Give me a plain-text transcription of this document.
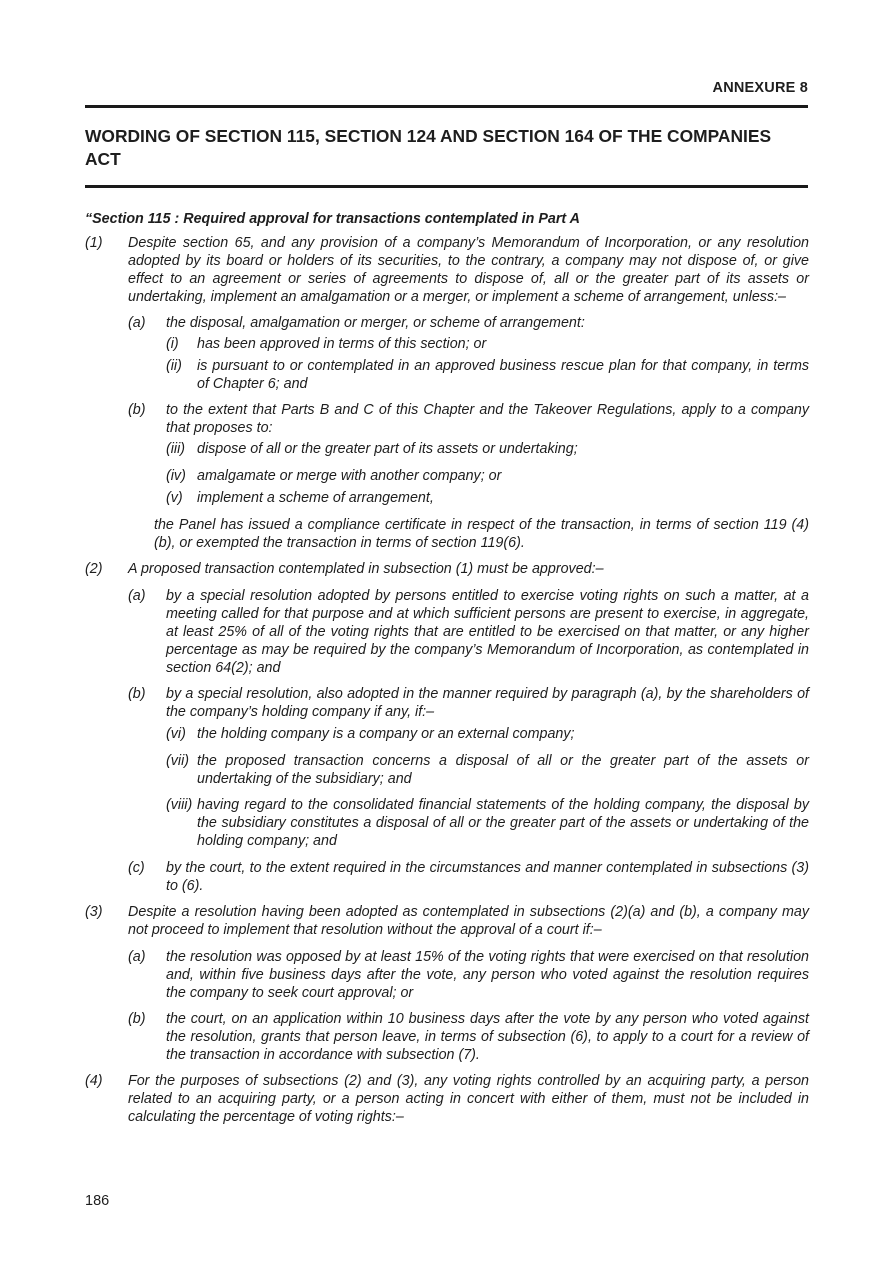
ANNEXURE 8
WORDING OF SECTION 115, SECTION 124 AND SECTION 164 OF THE COMPANIES ACT
“Section 115 : Required approval for transactions contemplated in Part A
(1)	Despite section 65, and any provision of a company’s Memorandum of Incorporation, or any resolution adopted by its board or holders of its securities, to the contrary, a company may not dispose of, or give effect to an agreement or series of agreements to dispose of, all or the greater part of its assets or undertaking, implement an amalgamation or a merger, or implement a scheme of arrangement, unless:–
(a)	the disposal, amalgamation or merger, or scheme of arrangement:
(i)	has been approved in terms of this section; or
(ii)	is pursuant to or contemplated in an approved business rescue plan for that company, in terms of Chapter 6; and
(b)	to the extent that Parts B and C of this Chapter and the Takeover Regulations, apply to a company that proposes to:
(iii) dispose of all or the greater part of its assets or undertaking;
(iv) amalgamate or merge with another company; or
(v)	implement a scheme of arrangement,
the Panel has issued a compliance certificate in respect of the transaction, in terms of section 119 (4)(b), or exempted the transaction in terms of section 119(6).
(2)	A proposed transaction contemplated in subsection (1) must be approved:–
(a)	by a special resolution adopted by persons entitled to exercise voting rights on such a matter, at a meeting called for that purpose and at which sufficient persons are present to exercise, in aggregate, at least 25% of all of the voting rights that are entitled to be exercised on that matter, or any higher percentage as may be required by the company’s Memorandum of Incorporation, as contemplated in section 64(2); and
(b)	by a special resolution, also adopted in the manner required by paragraph (a), by the shareholders of the company’s holding company if any, if:–
(vi) the holding company is a company or an external company;
(vii) the proposed transaction concerns a disposal of all or the greater part of the assets or undertaking of the subsidiary; and
(viii) having regard to the consolidated financial statements of the holding company, the disposal by the subsidiary constitutes a disposal of all or the greater part of the assets or undertaking of the holding company; and
(c)	by the court, to the extent required in the circumstances and manner contemplated in subsections (3) to (6).
(3)	Despite a resolution having been adopted as contemplated in subsections (2)(a) and (b), a company may not proceed to implement that resolution without the approval of a court if:–
(a)	the resolution was opposed by at least 15% of the voting rights that were exercised on that resolution and, within five business days after the vote, any person who voted against the resolution requires the company to seek court approval; or
(b)	the court, on an application within 10 business days after the vote by any person who voted against the resolution, grants that person leave, in terms of subsection (6), to apply to a court for a review of the transaction in accordance with subsection (7).
(4)	For the purposes of subsections (2) and (3), any voting rights controlled by an acquiring party, a person related to an acquiring party, or a person acting in concert with either of them, must not be included in calculating the percentage of voting rights:–
186
